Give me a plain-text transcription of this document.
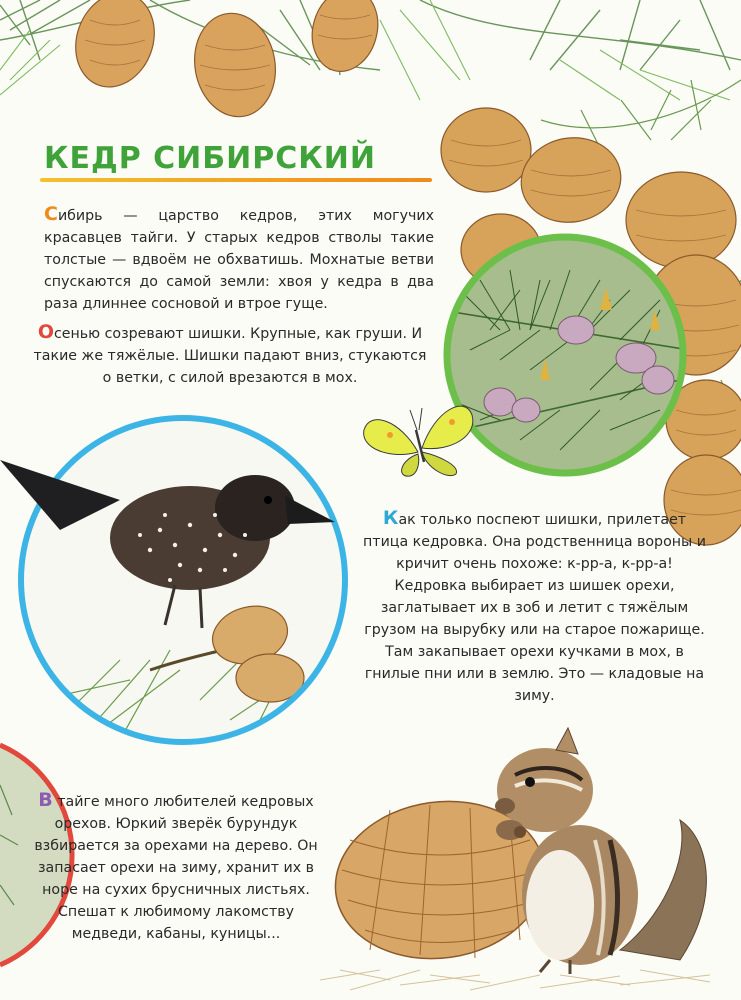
КЕДР СИБИРСКИЙ

Сибирь — царство кедров, этих могучих красавцев тайги. У старых кедров стволы такие толстые — вдвоём не обхватишь. Мохнатые ветви спускаются до самой земли: хвоя у кедра в два раза длиннее сосновой и втрое гуще.

Осенью созревают шишки. Крупные, как груши. И такие же тяжёлые. Шишки падают вниз, стукаются о ветки, с силой врезаются в мох.

Как только поспеют шишки, прилетает птица кедровка. Она родственница вороны и кричит очень похоже: к-рр-а, к-рр-а! Кедровка выбирает из шишек орехи, заглатывает их в зоб и летит с тяжёлым грузом на вырубку или на старое пожарище. Там закапывает орехи кучками в мох, в гнилые пни или в землю. Это — кладовые на зиму.

В тайге много любителей кедровых орехов. Юркий зверёк бурундук взбирается за орехами на дерево. Он запасает орехи на зиму, хранит их в норе на сухих брусничных листьях. Спешат к любимому лакомству медведи, кабаны, куницы...
